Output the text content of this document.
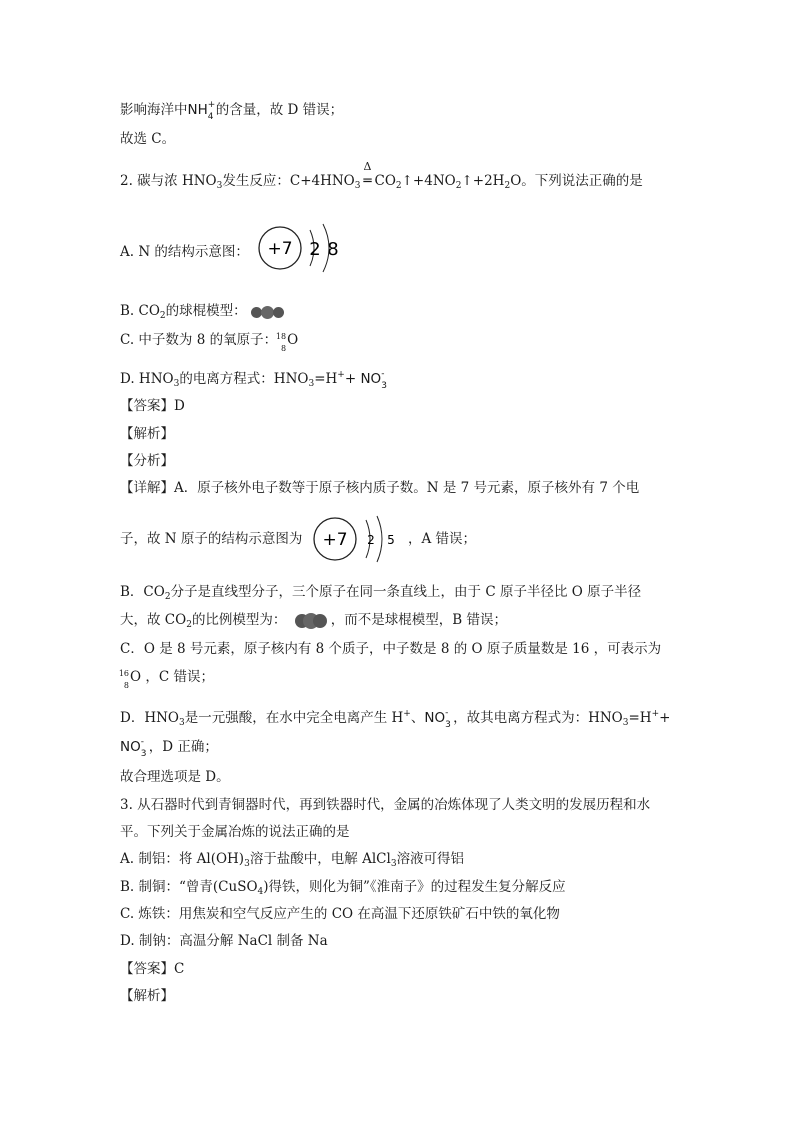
影响海洋中NH +
4 的含量，故 D 错误；
故选 C。
2. 碳与浓 $HNO_3$发生反应：$C+4HNO_3$
Δ
═ $CO_2↑+4NO_2↑+2H_2O$。下列说法正确的是
A. N 的结构示意图： +7 2 8
B. $CO_2$的球棍模型：
C. 中子数为 8 的氧原子：
18
8
O
D. $HNO_3$的电离方程式：$HNO_3=H^++$ NO -
3
【答案】D
【解析】
【分析】
【详解】A．原子核外电子数等于原子核内质子数。N 是 7 号元素，原子核外有 7 个电
子，故 N 原子的结构示意图为 +7 2 5 ，A 错误；
B．$CO_2$分子是直线型分子，三个原子在同一条直线上，由于 C 原子半径比 O 原子半径
大，故 $CO_2$的比例模型为：	，而不是球棍模型，B 错误；
C．O 是 8 号元素，原子核内有 8 个质子，中子数是 8 的 O 原子质量数是 16 ，可表示为
16
8
O ，C 错误；
D．$HNO_3$是一元强酸，在水中完全电离产生 H+、NO -
3 ，故其电离方程式为：$HNO_3=H^++$
NO -
3 ，D 正确；
故合理选项是 D。
3. 从石器时代到青铜器时代，再到铁器时代，金属的冶炼体现了人类文明的发展历程和水
平。下列关于金属冶炼的说法正确的是
A. 制铝：将 $Al(OH)_3$溶于盐酸中，电解 AlCl$_3$溶液可得铝
B. 制铜：“曾青(CuSO$_4$)得铁，则化为铜”《淮南子》的过程发生复分解反应
C. 炼铁：用焦炭和空气反应产生的 CO 在高温下还原铁矿石中铁的氧化物
D. 制钠：高温分解 NaCl 制备 Na
【答案】C
【解析】
